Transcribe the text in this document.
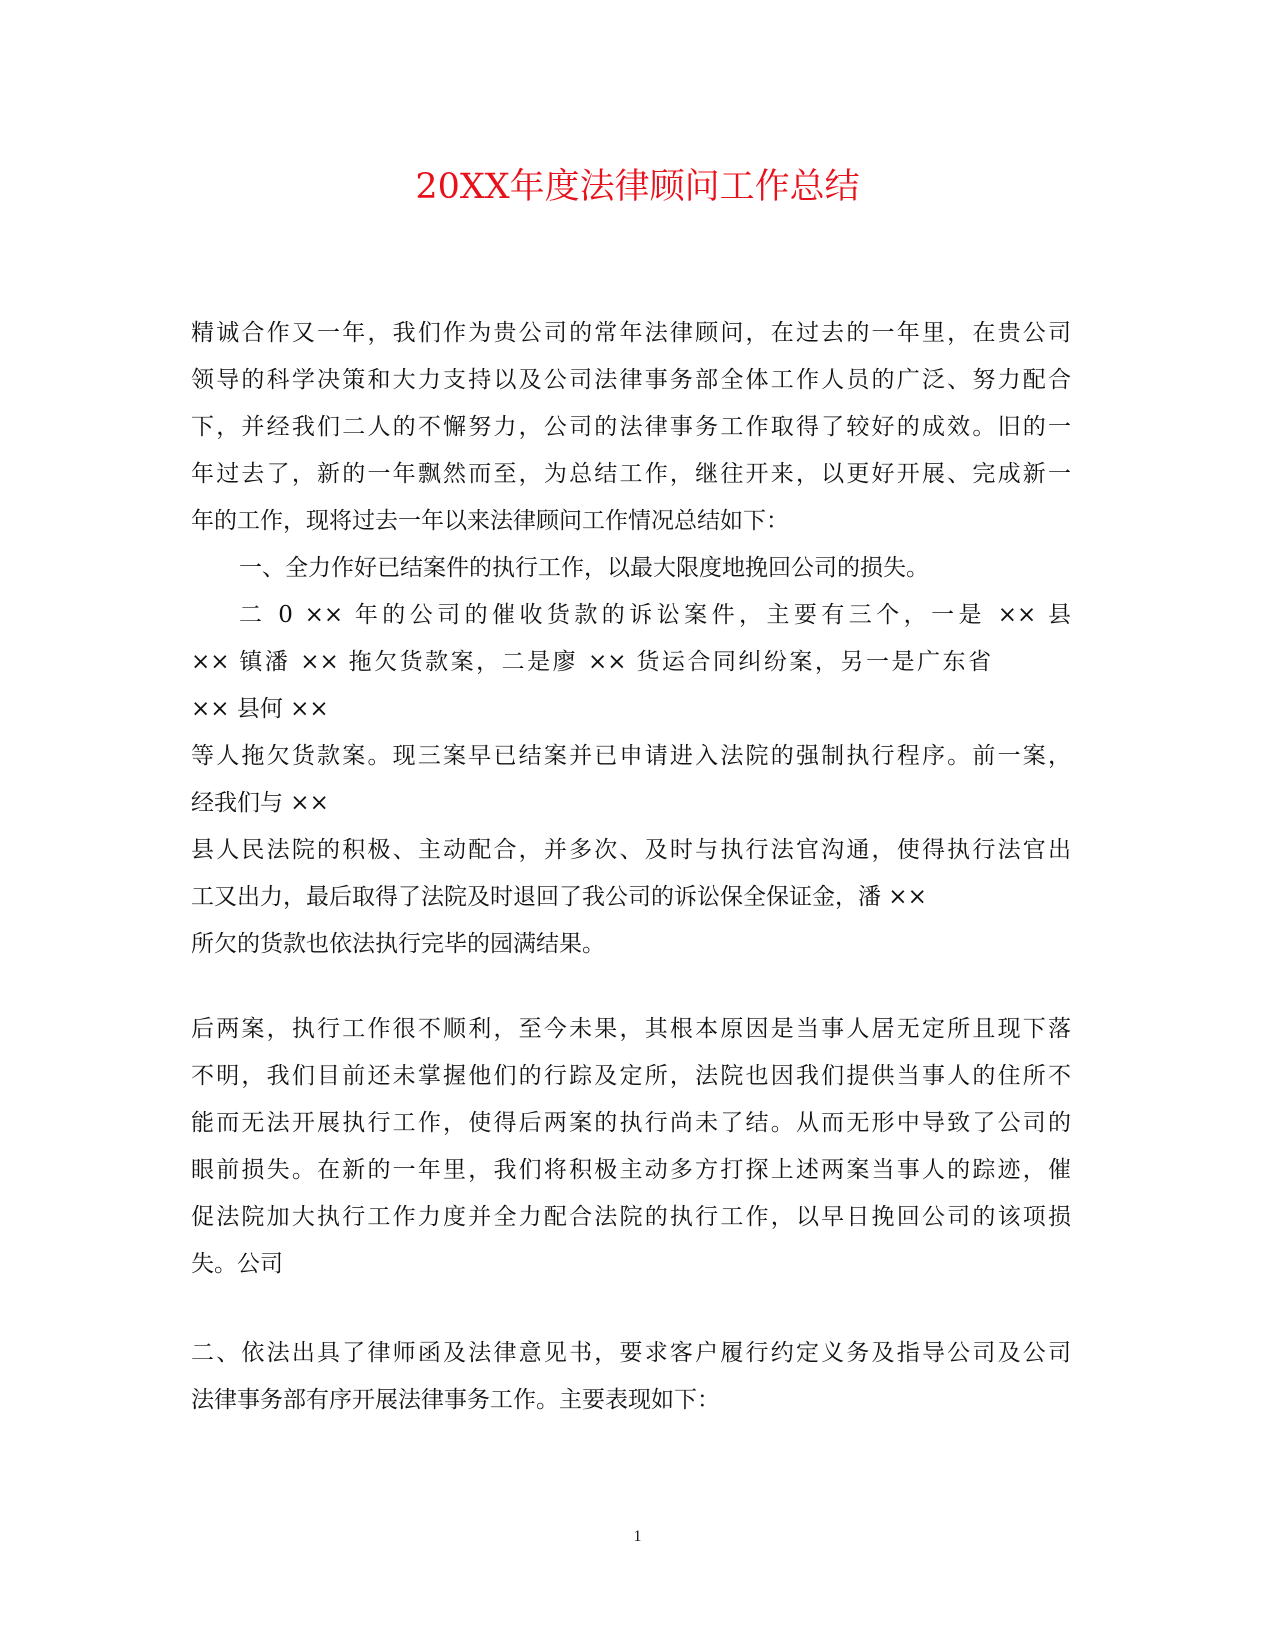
20XX年度法律顾问工作总结
精诚合作又一年，我们作为贵公司的常年法律顾问，在过去的一年里，在贵公司
领导的科学决策和大力支持以及公司法律事务部全体工作人员的广泛、努力配合
下，并经我们二人的不懈努力，公司的法律事务工作取得了较好的成效。旧的一
年过去了，新的一年飘然而至，为总结工作，继往开来，以更好开展、完成新一
年的工作，现将过去一年以来法律顾问工作情况总结如下：
一、全力作好已结案件的执行工作，以最大限度地挽回公司的损失。
二 0 ×× 年的公司的催收货款的诉讼案件，主要有三个，一是 ×× 县
×× 镇潘 ×× 拖欠货款案，二是廖 ×× 货运合同纠纷案，另一是广东省
×× 县何 ××
等人拖欠货款案。现三案早已结案并已申请进入法院的强制执行程序。前一案，
经我们与 ××
县人民法院的积极、主动配合，并多次、及时与执行法官沟通，使得执行法官出
工又出力，最后取得了法院及时退回了我公司的诉讼保全保证金，潘 ××
所欠的货款也依法执行完毕的园满结果。
后两案，执行工作很不顺利，至今未果，其根本原因是当事人居无定所且现下落
不明，我们目前还未掌握他们的行踪及定所，法院也因我们提供当事人的住所不
能而无法开展执行工作，使得后两案的执行尚未了结。从而无形中导致了公司的
眼前损失。在新的一年里，我们将积极主动多方打探上述两案当事人的踪迹，催
促法院加大执行工作力度并全力配合法院的执行工作，以早日挽回公司的该项损
失。公司
二、依法出具了律师函及法律意见书，要求客户履行约定义务及指导公司及公司
法律事务部有序开展法律事务工作。主要表现如下：
1
